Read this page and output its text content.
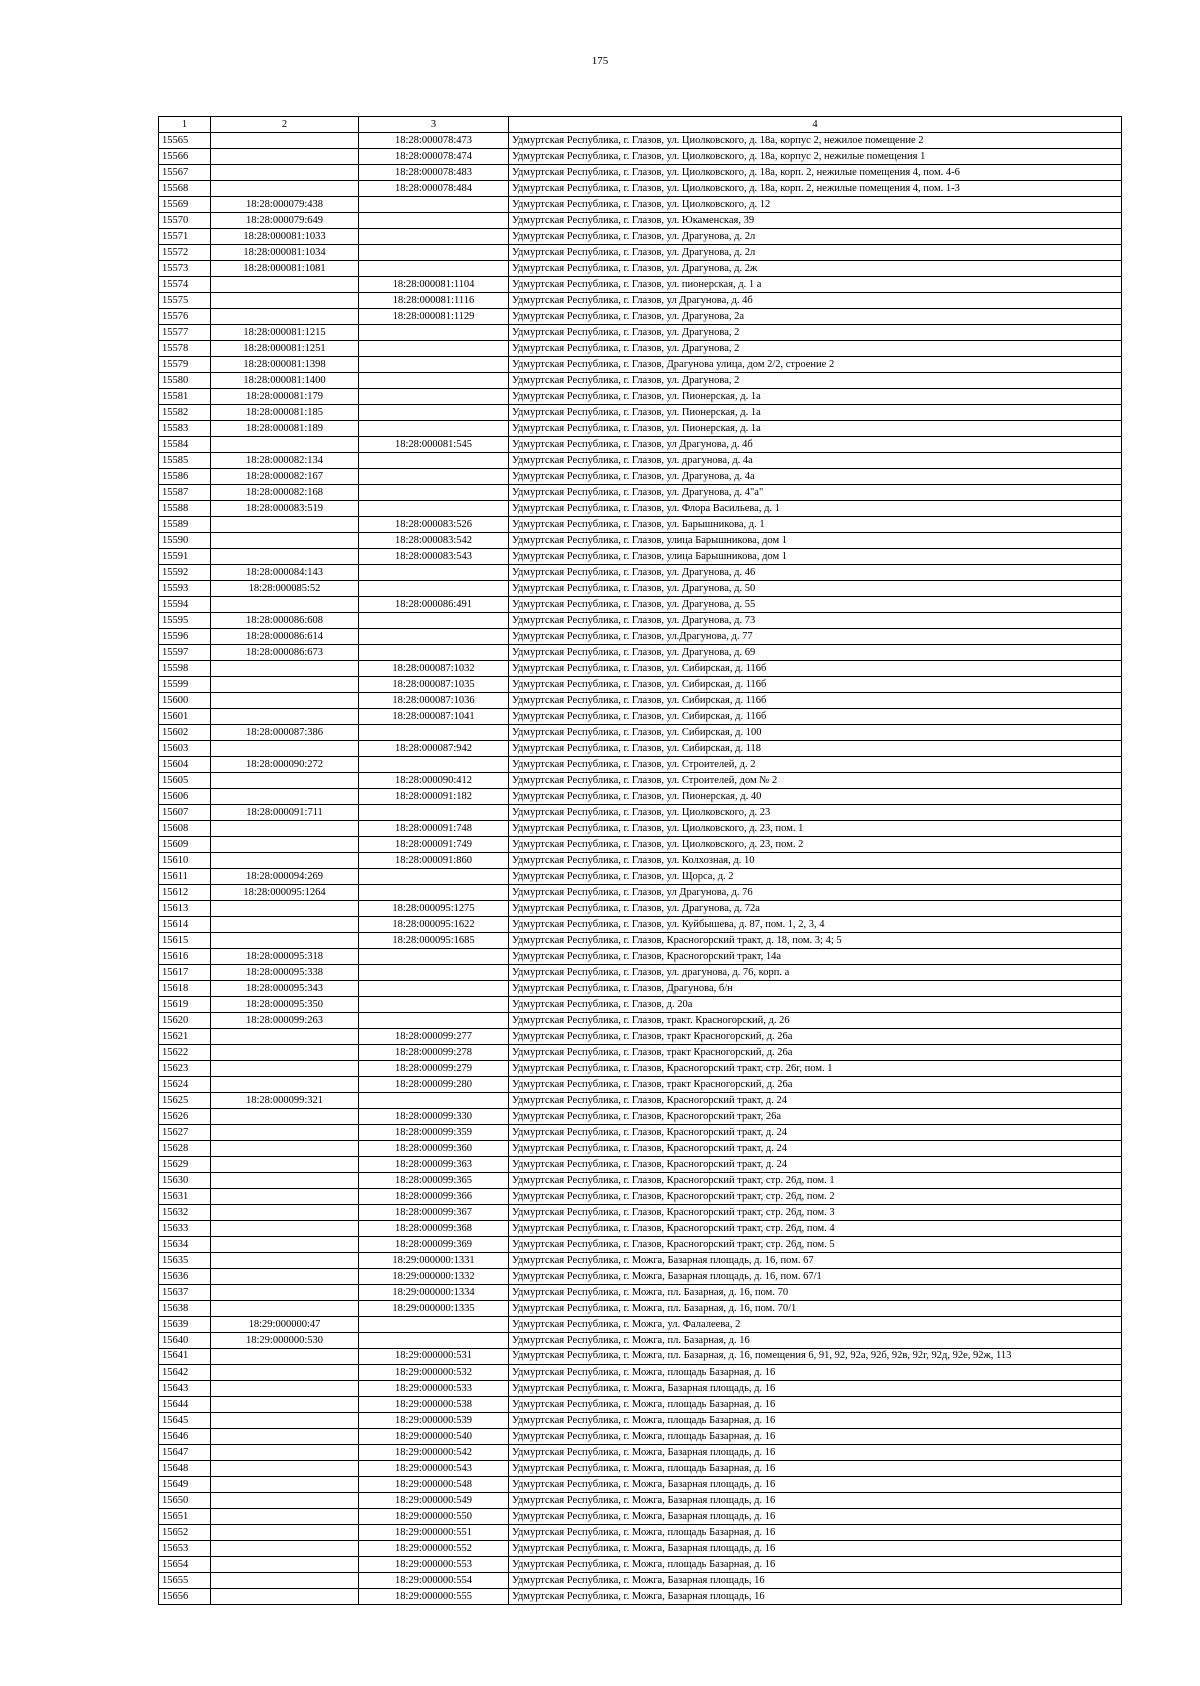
175
1	2	3	4
15565		18:28:000078:473	Удмуртская Республика, г. Глазов, ул. Циолковского, д. 18а, корпус 2, нежилое помещение 2
15566		18:28:000078:474	Удмуртская Республика, г. Глазов, ул. Циолковского, д. 18а, корпус 2, нежилые помещения 1
15567		18:28:000078:483	Удмуртская Республика, г. Глазов, ул. Циолковского, д. 18а, корп. 2, нежилые помещения 4, пом. 4-6
15568		18:28:000078:484	Удмуртская Республика, г. Глазов, ул. Циолковского, д. 18а, корп. 2, нежилые помещения 4, пом. 1-3
15569	18:28:000079:438		Удмуртская Республика, г. Глазов, ул. Циолковского, д. 12
15570	18:28:000079:649		Удмуртская Республика, г. Глазов, ул. Юкаменская, 39
15571	18:28:000081:1033		Удмуртская Республика, г. Глазов, ул. Драгунова, д. 2л
15572	18:28:000081:1034		Удмуртская Республика, г. Глазов, ул. Драгунова, д. 2л
15573	18:28:000081:1081		Удмуртская Республика, г. Глазов, ул. Драгунова, д. 2ж
15574		18:28:000081:1104	Удмуртская Республика, г. Глазов, ул. пионерская, д. 1 а
15575		18:28:000081:1116	Удмуртская Республика, г. Глазов, ул Драгунова, д. 4б
15576		18:28:000081:1129	Удмуртская Республика, г. Глазов, ул. Драгунова, 2а
15577	18:28:000081:1215		Удмуртская Республика, г. Глазов, ул. Драгунова, 2
15578	18:28:000081:1251		Удмуртская Республика, г. Глазов, ул. Драгунова, 2
15579	18:28:000081:1398		Удмуртская Республика, г. Глазов, Драгунова улица, дом 2/2, строение 2
15580	18:28:000081:1400		Удмуртская Республика, г. Глазов, ул. Драгунова, 2
15581	18:28:000081:179		Удмуртская Республика, г. Глазов, ул. Пионерская, д. 1а
15582	18:28:000081:185		Удмуртская Республика, г. Глазов, ул. Пионерская, д. 1а
15583	18:28:000081:189		Удмуртская Республика, г. Глазов, ул. Пионерская, д. 1а
15584		18:28:000081:545	Удмуртская Республика, г. Глазов, ул Драгунова, д. 4б
15585	18:28:000082:134		Удмуртская Республика, г. Глазов, ул. драгунова, д. 4а
15586	18:28:000082:167		Удмуртская Республика, г. Глазов, ул. Драгунова, д. 4а
15587	18:28:000082:168		Удмуртская Республика, г. Глазов, ул. Драгунова, д. 4"а"
15588	18:28:000083:519		Удмуртская Республика, г. Глазов, ул. Флора Васильева, д. 1
15589		18:28:000083:526	Удмуртская Республика, г. Глазов, ул. Барышникова, д. 1
15590		18:28:000083:542	Удмуртская Республика, г. Глазов, улица Барышникова, дом 1
15591		18:28:000083:543	Удмуртская Республика, г. Глазов, улица Барышникова, дом 1
15592	18:28:000084:143		Удмуртская Республика, г. Глазов, ул. Драгунова, д. 46
15593	18:28:000085:52		Удмуртская Республика, г. Глазов, ул. Драгунова, д. 50
15594		18:28:000086:491	Удмуртская Республика, г. Глазов, ул. Драгунова, д. 55
15595	18:28:000086:608		Удмуртская Республика, г. Глазов, ул. Драгунова, д. 73
15596	18:28:000086:614		Удмуртская Республика, г. Глазов, ул.Драгунова, д. 77
15597	18:28:000086:673		Удмуртская Республика, г. Глазов, ул. Драгунова, д. 69
15598		18:28:000087:1032	Удмуртская Республика, г. Глазов, ул. Сибирская, д. 116б
15599		18:28:000087:1035	Удмуртская Республика, г. Глазов, ул. Сибирская, д. 116б
15600		18:28:000087:1036	Удмуртская Республика, г. Глазов, ул. Сибирская, д. 116б
15601		18:28:000087:1041	Удмуртская Республика, г. Глазов, ул. Сибирская, д. 116б
15602	18:28:000087:386		Удмуртская Республика, г. Глазов, ул. Сибирская, д. 100
15603		18:28:000087:942	Удмуртская Республика, г. Глазов, ул. Сибирская, д. 118
15604	18:28:000090:272		Удмуртская Республика, г. Глазов, ул. Строителей, д. 2
15605		18:28:000090:412	Удмуртская Республика, г. Глазов, ул. Строителей, дом № 2
15606		18:28:000091:182	Удмуртская Республика, г. Глазов, ул. Пионерская, д. 40
15607	18:28:000091:711		Удмуртская Республика, г. Глазов, ул. Циолковского, д. 23
15608		18:28:000091:748	Удмуртская Республика, г. Глазов, ул. Циолковского, д. 23, пом. 1
15609		18:28:000091:749	Удмуртская Республика, г. Глазов, ул. Циолковского, д. 23, пом. 2
15610		18:28:000091:860	Удмуртская Республика, г. Глазов, ул. Колхозная, д. 10
15611	18:28:000094:269		Удмуртская Республика, г. Глазов, ул. Щорса, д. 2
15612	18:28:000095:1264		Удмуртская Республика, г. Глазов, ул Драгунова, д. 76
15613		18:28:000095:1275	Удмуртская Республика, г. Глазов, ул. Драгунова, д. 72а
15614		18:28:000095:1622	Удмуртская Республика, г. Глазов, ул. Куйбышева, д. 87, пом. 1, 2, 3, 4
15615		18:28:000095:1685	Удмуртская Республика, г. Глазов, Красногорский тракт, д. 18, пом. 3; 4; 5
15616	18:28:000095:318		Удмуртская Республика, г. Глазов, Красногорский тракт, 14а
15617	18:28:000095:338		Удмуртская Республика, г. Глазов, ул. драгунова, д. 76, корп. а
15618	18:28:000095:343		Удмуртская Республика, г. Глазов, Драгунова, б/н
15619	18:28:000095:350		Удмуртская Республика, г. Глазов, д. 20а
15620	18:28:000099:263		Удмуртская Республика, г. Глазов, тракт. Красногорский, д. 26
15621		18:28:000099:277	Удмуртская Республика, г. Глазов, тракт Красногорский, д. 26а
15622		18:28:000099:278	Удмуртская Республика, г. Глазов, тракт Красногорский, д. 26а
15623		18:28:000099:279	Удмуртская Республика, г. Глазов, Красногорский тракт, стр. 26г, пом. 1
15624		18:28:000099:280	Удмуртская Республика, г. Глазов, тракт Красногорский, д. 26а
15625	18:28:000099:321		Удмуртская Республика, г. Глазов, Красногорский тракт, д. 24
15626		18:28:000099:330	Удмуртская Республика, г. Глазов, Красногорский тракт, 26а
15627		18:28:000099:359	Удмуртская Республика, г. Глазов, Красногорский тракт, д. 24
15628		18:28:000099:360	Удмуртская Республика, г. Глазов, Красногорский тракт, д. 24
15629		18:28:000099:363	Удмуртская Республика, г. Глазов, Красногорский тракт, д. 24
15630		18:28:000099:365	Удмуртская Республика, г. Глазов, Красногорский тракт, стр. 26д, пом. 1
15631		18:28:000099:366	Удмуртская Республика, г. Глазов, Красногорский тракт, стр. 26д, пом. 2
15632		18:28:000099:367	Удмуртская Республика, г. Глазов, Красногорский тракт, стр. 26д, пом. 3
15633		18:28:000099:368	Удмуртская Республика, г. Глазов, Красногорский тракт, стр. 26д, пом. 4
15634		18:28:000099:369	Удмуртская Республика, г. Глазов, Красногорский тракт, стр. 26д, пом. 5
15635		18:29:000000:1331	Удмуртская Республика, г. Можга, Базарная площадь, д. 16, пом. 67
15636		18:29:000000:1332	Удмуртская Республика, г. Можга, Базарная площадь, д. 16, пом. 67/1
15637		18:29:000000:1334	Удмуртская Республика, г. Можга, пл. Базарная, д. 16, пом. 70
15638		18:29:000000:1335	Удмуртская Республика, г. Можга, пл. Базарная, д. 16, пом. 70/1
15639	18:29:000000:47		Удмуртская Республика, г. Можга, ул. Фалалеева, 2
15640	18:29:000000:530		Удмуртская Республика, г. Можга, пл. Базарная, д. 16
15641		18:29:000000:531	Удмуртская Республика, г. Можга, пл. Базарная, д. 16, помещения 6, 91, 92, 92а, 92б, 92в, 92г, 92д, 92е, 92ж, 113
15642		18:29:000000:532	Удмуртская Республика, г. Можга, площадь Базарная, д. 16
15643		18:29:000000:533	Удмуртская Республика, г. Можга, Базарная площадь, д. 16
15644		18:29:000000:538	Удмуртская Республика, г. Можга, площадь Базарная, д. 16
15645		18:29:000000:539	Удмуртская Республика, г. Можга, площадь Базарная, д. 16
15646		18:29:000000:540	Удмуртская Республика, г. Можга, площадь Базарная, д. 16
15647		18:29:000000:542	Удмуртская Республика, г. Можга, Базарная площадь, д. 16
15648		18:29:000000:543	Удмуртская Республика, г. Можга, площадь Базарная, д. 16
15649		18:29:000000:548	Удмуртская Республика, г. Можга, Базарная площадь, д. 16
15650		18:29:000000:549	Удмуртская Республика, г. Можга, Базарная площадь, д. 16
15651		18:29:000000:550	Удмуртская Республика, г. Можга, Базарная площадь, д. 16
15652		18:29:000000:551	Удмуртская Республика, г. Можга, площадь Базарная, д. 16
15653		18:29:000000:552	Удмуртская Республика, г. Можга, Базарная площадь, д. 16
15654		18:29:000000:553	Удмуртская Республика, г. Можга, площадь Базарная, д. 16
15655		18:29:000000:554	Удмуртская Республика, г. Можга, Базарная площадь, 16
15656		18:29:000000:555	Удмуртская Республика, г. Можга, Базарная площадь, 16
